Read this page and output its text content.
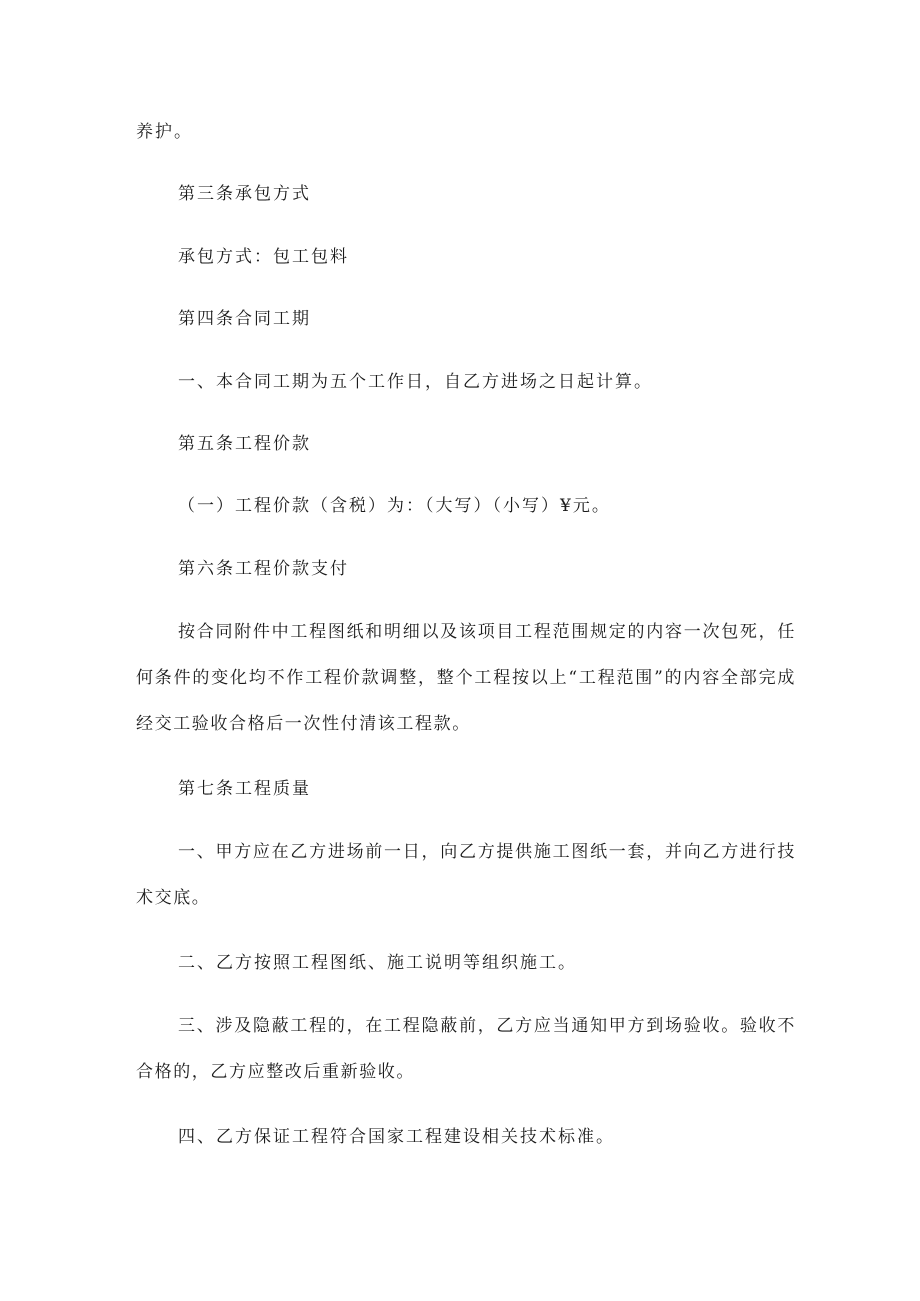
养护。
第三条承包方式
承包方式：包工包料
第四条合同工期
一、本合同工期为五个工作日，自乙方进场之日起计算。
第五条工程价款
（一）工程价款（含税）为：（大写）（小写）¥元。
第六条工程价款支付
按合同附件中工程图纸和明细以及该项目工程范围规定的内容一次包死，任何条件的变化均不作工程价款调整，整个工程按以上“工程范围”的内容全部完成经交工验收合格后一次性付清该工程款。
第七条工程质量
一、甲方应在乙方进场前一日，向乙方提供施工图纸一套，并向乙方进行技术交底。
二、乙方按照工程图纸、施工说明等组织施工。
三、涉及隐蔽工程的，在工程隐蔽前，乙方应当通知甲方到场验收。验收不合格的，乙方应整改后重新验收。
四、乙方保证工程符合国家工程建设相关技术标准。
